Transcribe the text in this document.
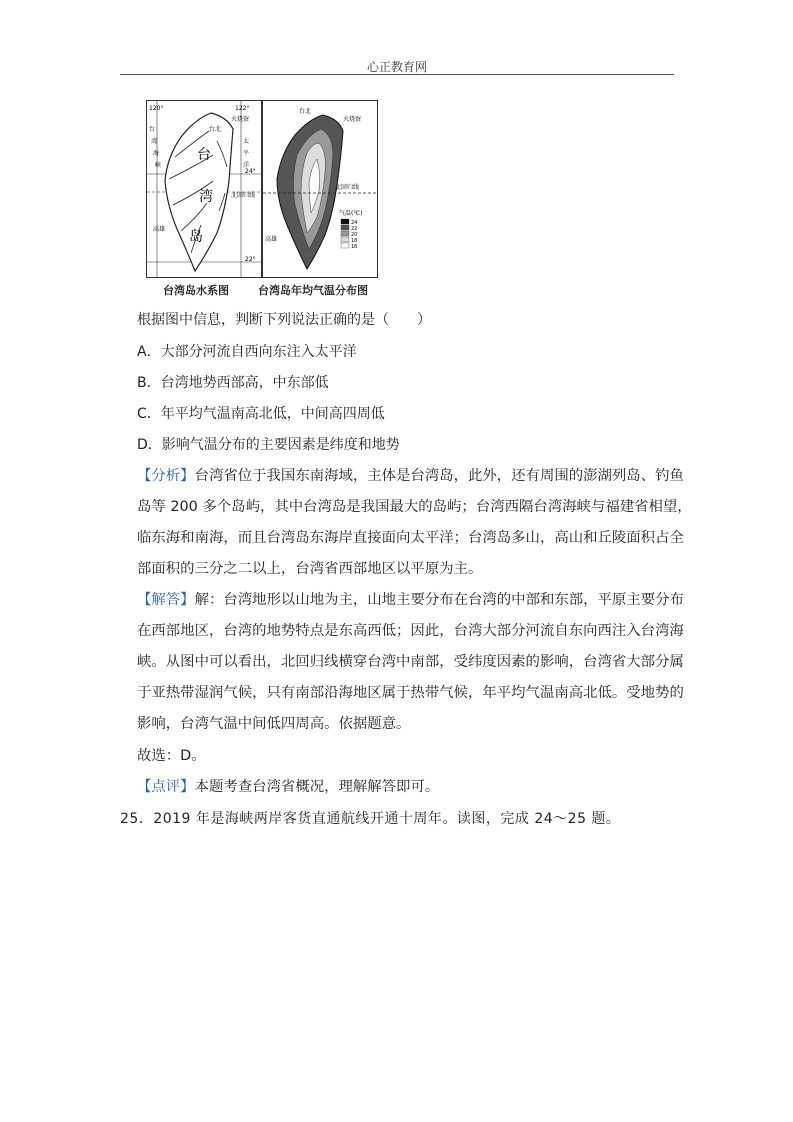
心正教育网
120°	122°
24°
22°
台北
火烧寮
北回归线
高雄
台
湾
岛
太
平
洋
台
湾
海
峡
台北
火烧寮
北回归线
高雄
气温(℃)
24
22
20
18
16
台湾岛水系图	台湾岛年均气温分布图
根据图中信息，判断下列说法正确的是（　　）
A．大部分河流自西向东注入太平洋
B．台湾地势西部高，中东部低
C．年平均气温南高北低，中间高四周低
D．影响气温分布的主要因素是纬度和地势
【分析】台湾省位于我国东南海域，主体是台湾岛，此外，还有周围的澎湖列岛、钓鱼
岛等 200 多个岛屿，其中台湾岛是我国最大的岛屿；台湾西隔台湾海峡与福建省相望，
临东海和南海，而且台湾岛东海岸直接面向太平洋；台湾岛多山，高山和丘陵面积占全
部面积的三分之二以上，台湾省西部地区以平原为主。
【解答】解：台湾地形以山地为主，山地主要分布在台湾的中部和东部，平原主要分布
在西部地区，台湾的地势特点是东高西低；因此，台湾大部分河流自东向西注入台湾海
峡。从图中可以看出，北回归线横穿台湾中南部，受纬度因素的影响，台湾省大部分属
于亚热带湿润气候，只有南部沿海地区属于热带气候，年平均气温南高北低。受地势的
影响，台湾气温中间低四周高。依据题意。
故选：D。
【点评】本题考查台湾省概况，理解解答即可。
25．2019 年是海峡两岸客货直通航线开通十周年。读图，完成 24～25 题。
